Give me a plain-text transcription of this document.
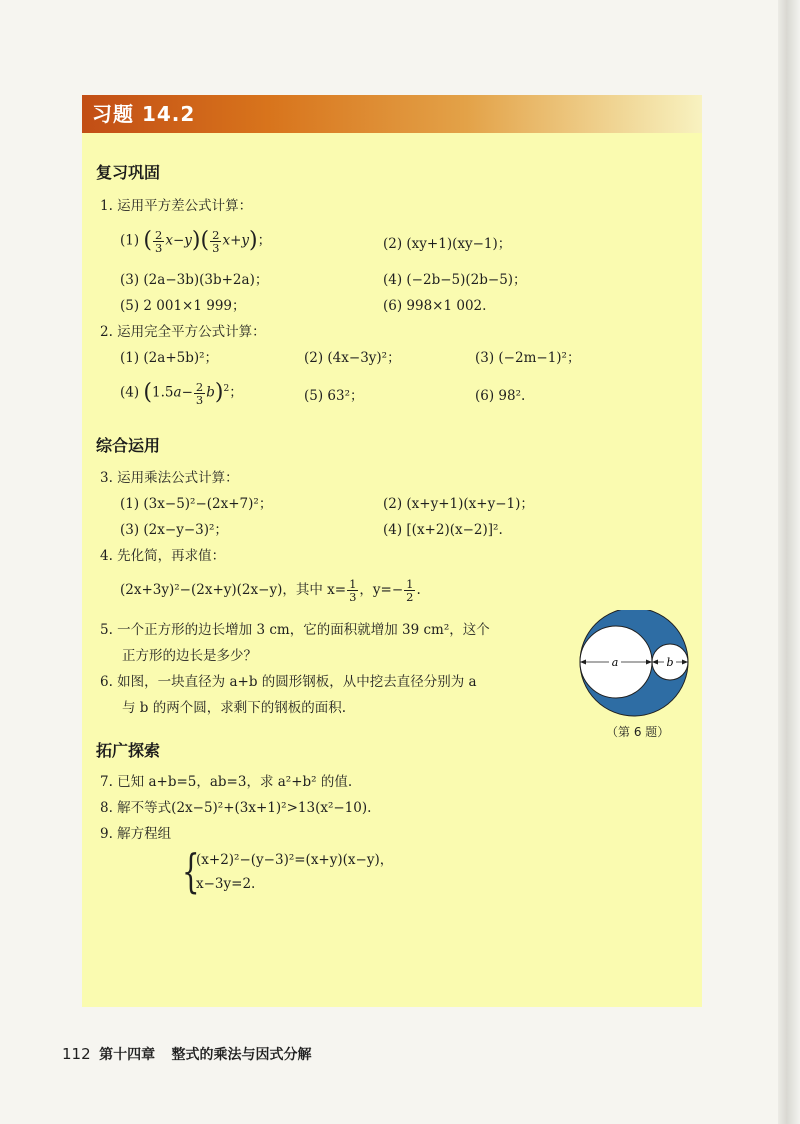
习题 14.2
复习巩固
1. 运用平方差公式计算：
(1) ( $\frac{2}{3} x-y)( \frac{2}{3} x+y)$；	(2) (xy+1)(xy−1)；
(3) (2a−3b)(3b+2a)；	(4) (−2b−5)(2b−5)；
(5) 2 001×1 999；	(6) 998×1 002.
2. 运用完全平方公式计算：
(1) (2a+5b)²；	(2) (4x−3y)²；	(3) (−2m−1)²；
(4) $(1.5a- \frac{2}{3} b)^2$；	(5) 63²；	(6) 98².
综合运用
3. 运用乘法公式计算：
(1) (3x−5)²−(2x+7)²；	(2) (x+y+1)(x+y−1)；
(3) (2x−y−3)²；	(4) [(x+2)(x−2)]².
4. 先化简，再求值：
(2x+3y)²−(2x+y)(2x−y)，其中 $x= \frac{1}{3}$ ，$y=- \frac{1}{2}$ .
5. 一个正方形的边长增加 3 cm，它的面积就增加 39 cm²，这个
正方形的边长是多少？
6. 如图，一块直径为 a+b 的圆形钢板，从中挖去直径分别为 a
与 b 的两个圆，求剩下的钢板的面积.
a	b
（第 6 题）
拓广探索
7. 已知 a+b=5，ab=3，求 a²+b² 的值.
8. 解不等式(2x−5)²+(3x+1)²>13(x²−10).
9. 解方程组
{
(x+2)²−(y−3)²=(x+y)(x−y)，
x−3y=2.
112 第十四章 整式的乘法与因式分解
